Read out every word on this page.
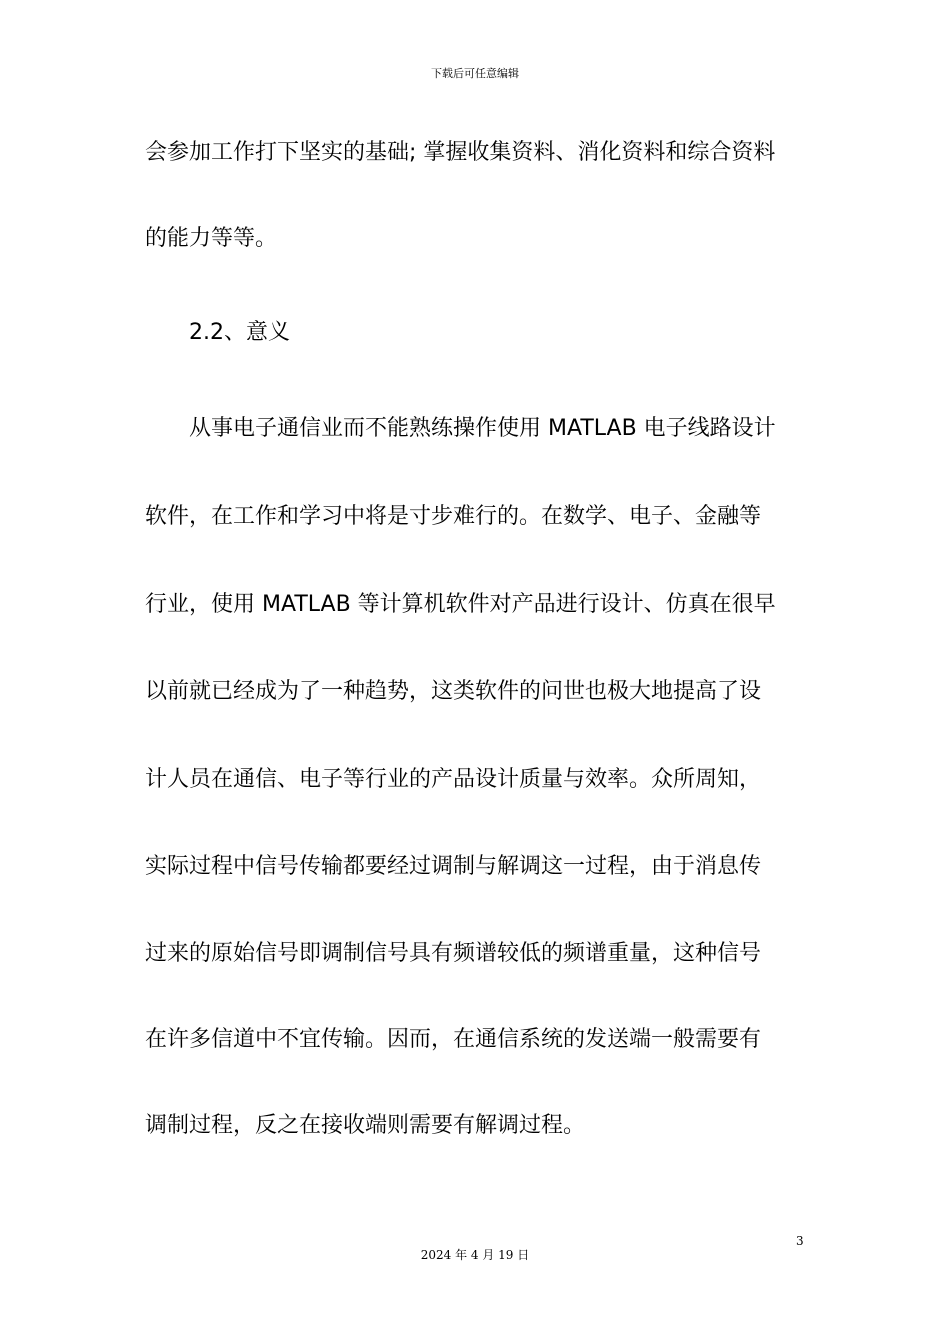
下载后可任意编辑
会参加工作打下坚实的基础; 掌握收集资料、消化资料和综合资料
的能力等等。
2.2、意义
从事电子通信业而不能熟练操作使用 MATLAB 电子线路设计
软件，在工作和学习中将是寸步难行的。在数学、电子、金融等
行业，使用 MATLAB 等计算机软件对产品进行设计、仿真在很早
以前就已经成为了一种趋势，这类软件的问世也极大地提高了设
计人员在通信、电子等行业的产品设计质量与效率。众所周知，
实际过程中信号传输都要经过调制与解调这一过程，由于消息传
过来的原始信号即调制信号具有频谱较低的频谱重量，这种信号
在许多信道中不宜传输。因而，在通信系统的发送端一般需要有
调制过程，反之在接收端则需要有解调过程。
3
2024 年 4 月 19 日
